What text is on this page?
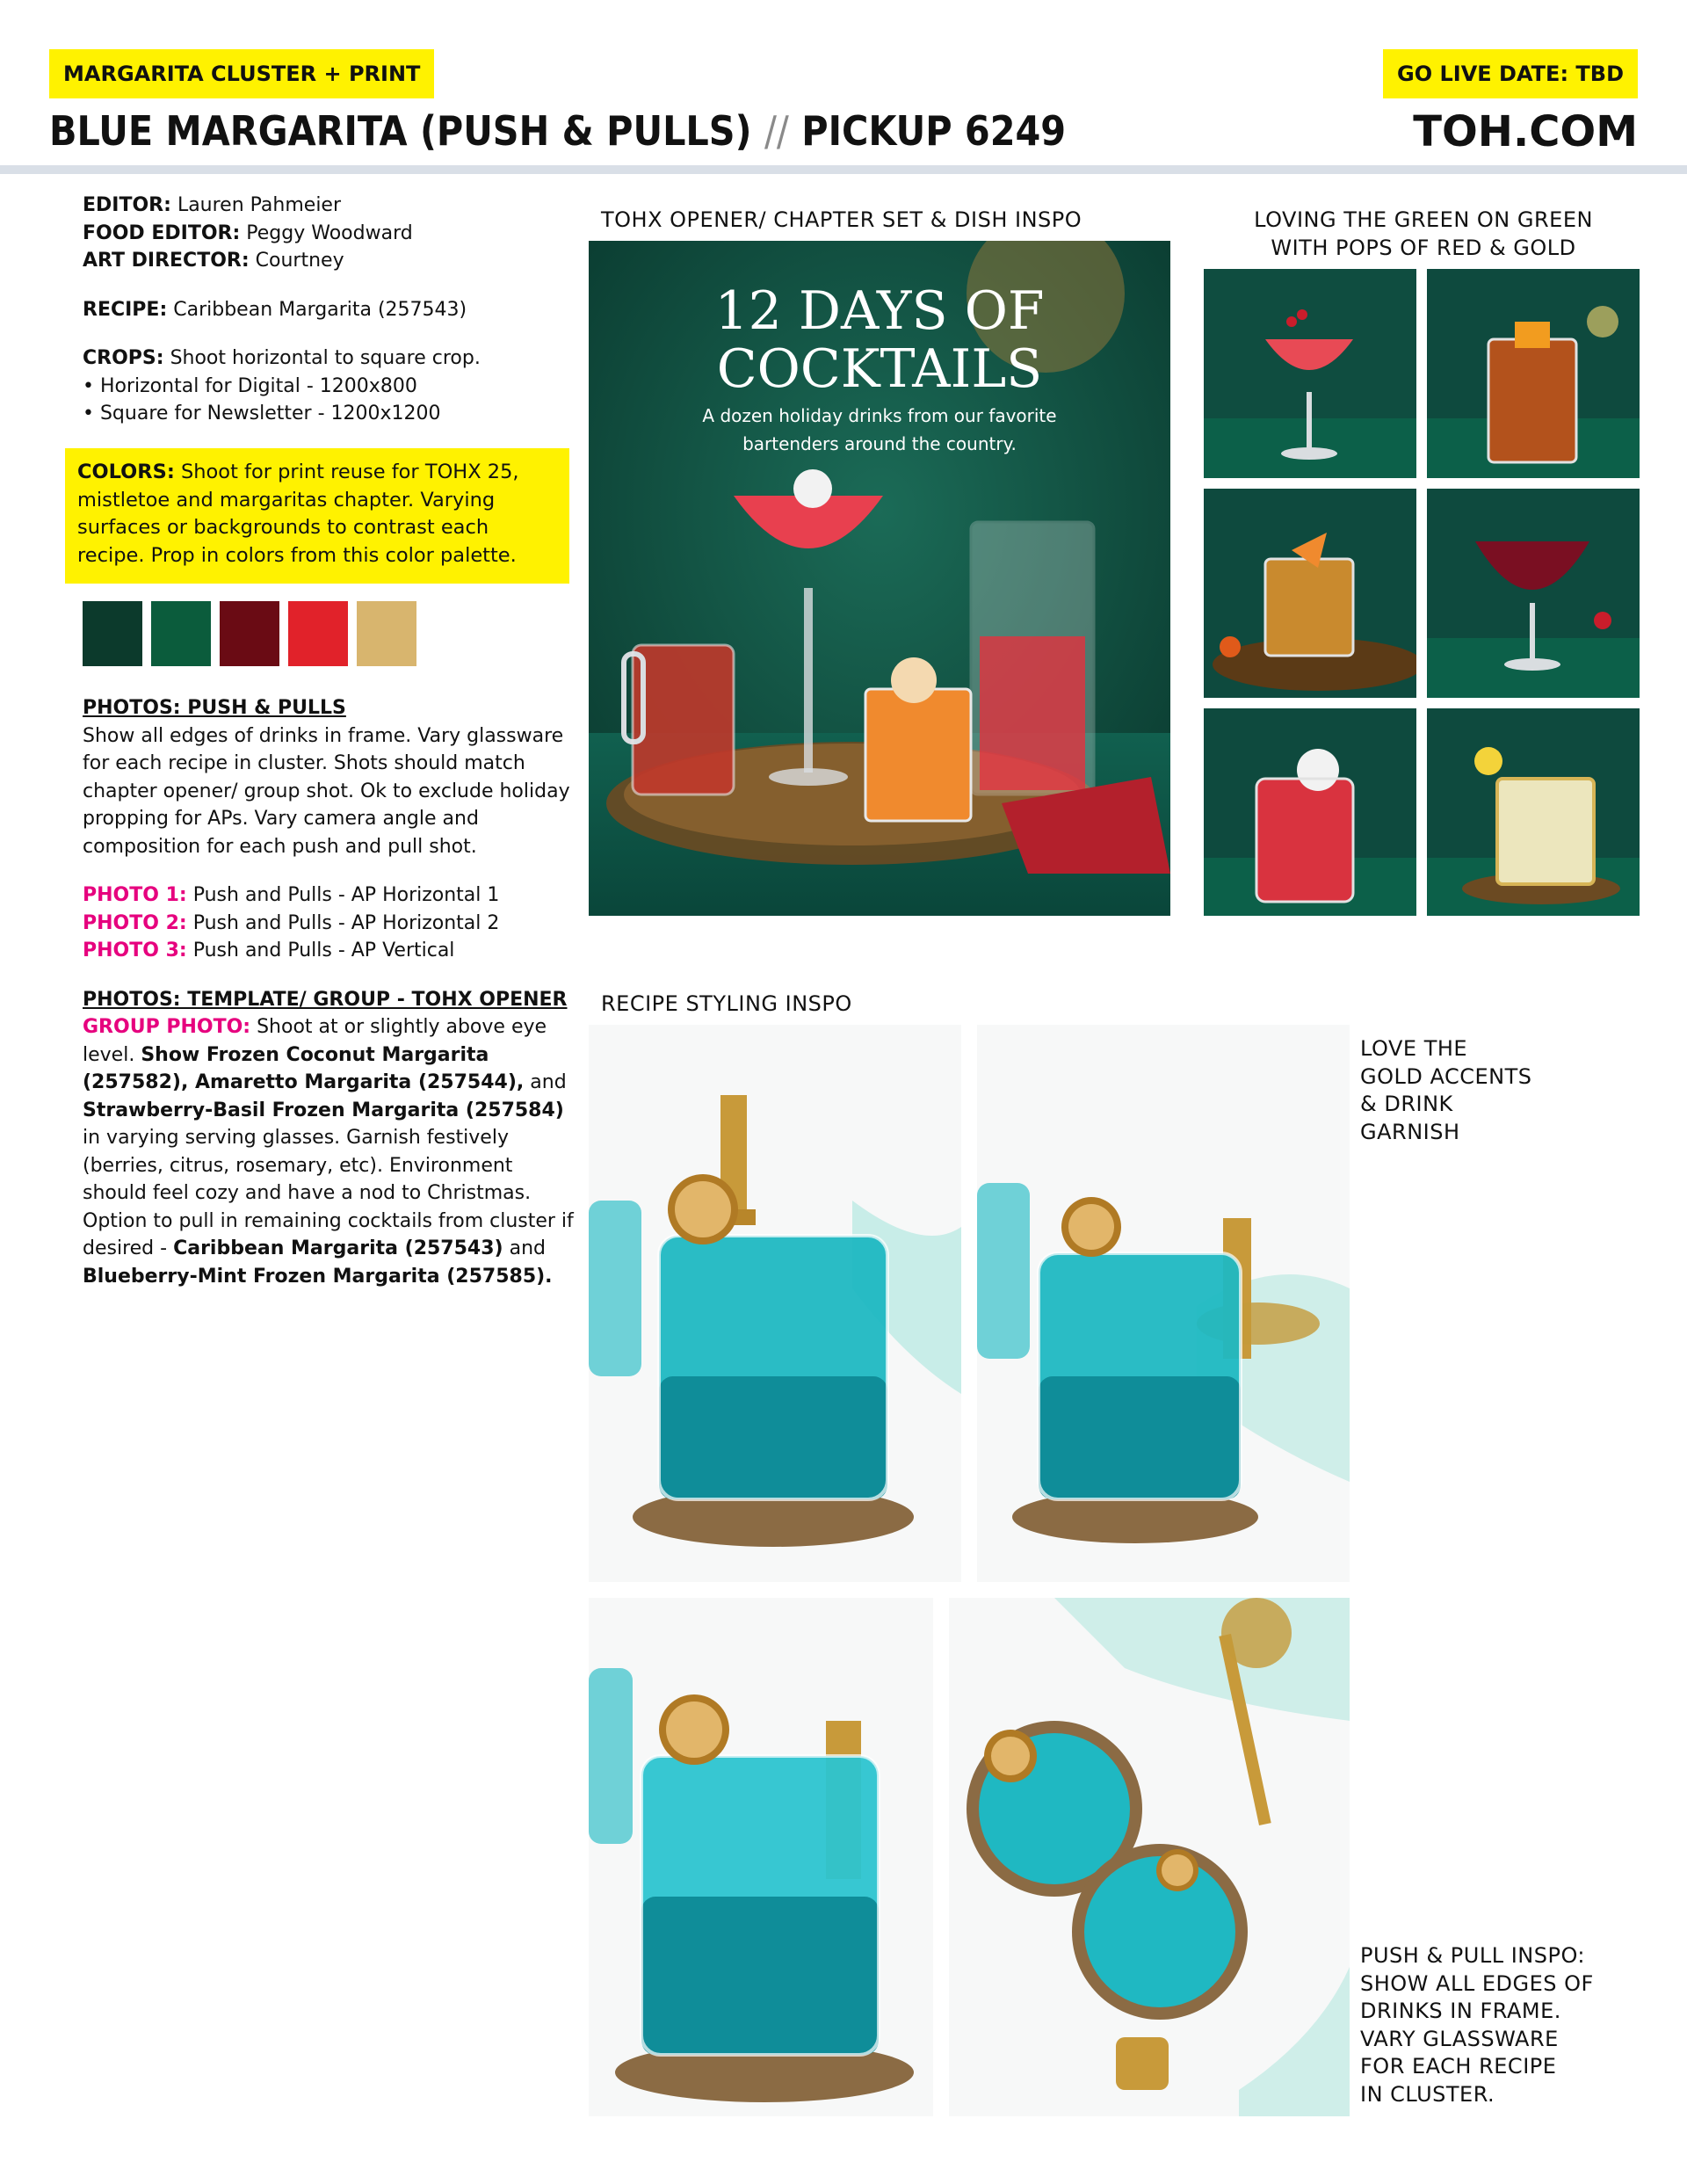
MARGARITA CLUSTER + PRINT	GO LIVE DATE: TBD
BLUE MARGARITA (PUSH & PULLS) // PICKUP 6249	TOH.COM

EDITOR: Lauren Pahmeier

FOOD EDITOR: Peggy Woodward

ART DIRECTOR: Courtney

RECIPE: Caribbean Margarita (257543)

CROPS: Shoot horizontal to square crop.

• Horizontal for Digital - 1200x800

• Square for Newsletter - 1200x1200

COLORS: Shoot for print reuse for TOHX 25, mistletoe and margaritas chapter. Varying surfaces or backgrounds to contrast each recipe. Prop in colors from this color palette.

PHOTOS: PUSH & PULLS

Show all edges of drinks in frame. Vary glassware for each recipe in cluster. Shots should match chapter opener/ group shot. Ok to exclude holiday propping for APs. Vary camera angle and composition for each push and pull shot.

PHOTO 1: Push and Pulls - AP Horizontal 1

PHOTO 2: Push and Pulls - AP Horizontal 2

PHOTO 3: Push and Pulls - AP Vertical

PHOTOS: TEMPLATE/ GROUP - TOHX OPENER

GROUP PHOTO: Shoot at or slightly above eye level. Show Frozen Coconut Margarita (257582), Amaretto Margarita (257544), and Strawberry-Basil Frozen Margarita (257584) in varying serving glasses. Garnish festively (berries, citrus, rosemary, etc). Environment should feel cozy and have a nod to Christmas. Option to pull in remaining cocktails from cluster if desired - Caribbean Margarita (257543) and Blueberry-Mint Frozen Margarita (257585).

TOHX OPENER/ CHAPTER SET & DISH INSPO
12 DAYS OF
COCKTAILS
A dozen holiday drinks from our favorite
bartenders around the country.
LOVING THE GREEN ON GREEN
WITH POPS OF RED & GOLD
RECIPE STYLING INSPO
LOVE THE
GOLD ACCENTS
& DRINK
GARNISH
PUSH & PULL INSPO:
SHOW ALL EDGES OF
DRINKS IN FRAME.
VARY GLASSWARE
FOR EACH RECIPE
IN CLUSTER.
